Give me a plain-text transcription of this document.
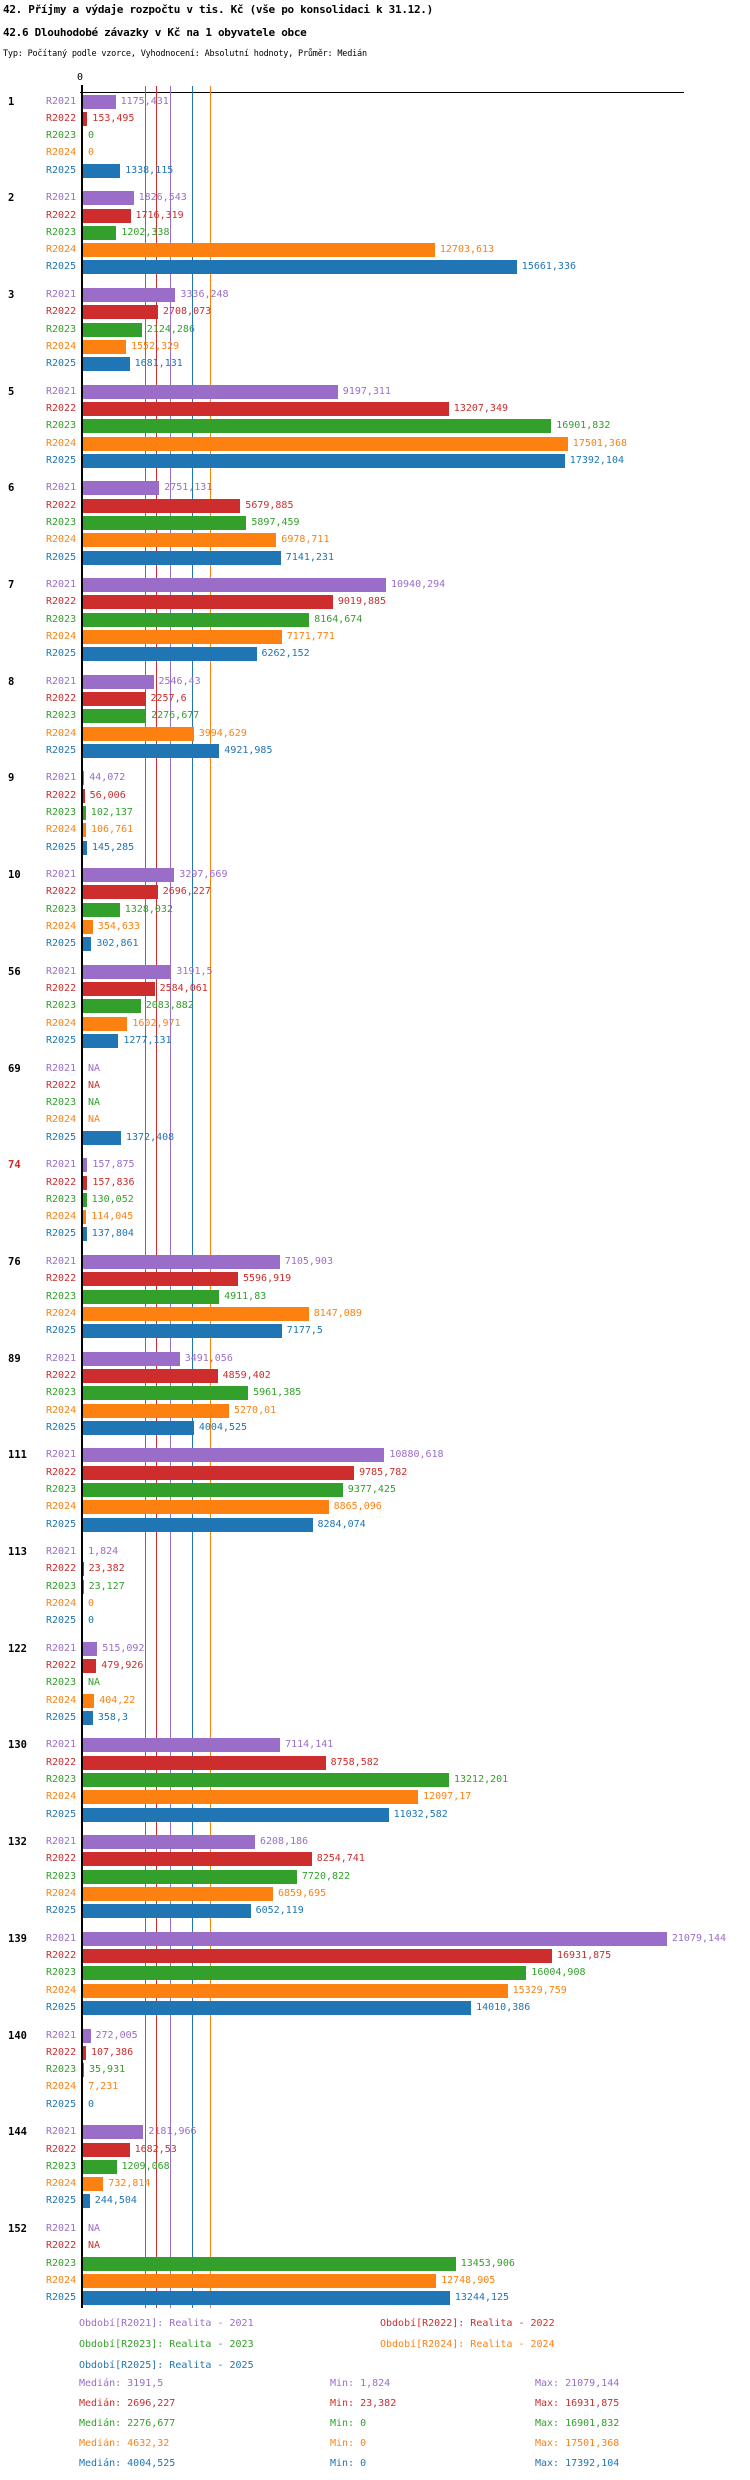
42. Příjmy a výdaje rozpočtu v tis. Kč (vše po konsolidaci k 31.12.)
42.6 Dlouhodobé závazky v Kč na 1 obyvatele obce
Typ: Počítaný podle vzorce, Vyhodnocení: Absolutní hodnoty, Průměr: Medián
0
1	R2021	1175,431
R2022 153,495
R2023 0
R2024 0
R2025	1338,115
2	R2021	1826,543
R2022	1716,319
R2023	1202,338
R2024	12703,613
R2025	15661,336
3	R2021	3336,248
R2022	2708,073
R2023	2124,286
R2024	1552,329
R2025	1681,131
5	R2021	9197,311
R2022	13207,349
R2023	16901,832
R2024	17501,368
R2025	17392,104
6	R2021	2751,131
R2022	5679,885
R2023	5897,459
R2024	6978,711
R2025	7141,231
7	R2021	10940,294
R2022	9019,885
R2023	8164,674
R2024	7171,771
R2025	6262,152
8	R2021	2546,43
R2022	2257,6
R2023	2276,677
R2024	3994,629
R2025	4921,985
9	R2021 44,072
R2022 56,006
R2023 102,137
R2024 106,761
R2025 145,285
10	R2021	3297,669
R2022	2696,227
R2023	1328,032
R2024 354,633
R2025 302,861
56	R2021	3191,5
R2022	2584,061
R2023	2083,882
R2024	1602,971
R2025	1277,131
69	R2021 NA
R2022 NA
R2023 NA
R2024 NA
R2025	1372,408
74	R2021 157,875
R2022 157,836
R2023 130,052
R2024 114,045
R2025 137,804
76	R2021	7105,903
R2022	5596,919
R2023	4911,83
R2024	8147,089
R2025	7177,5
89	R2021	3491,056
R2022	4859,402
R2023	5961,385
R2024	5270,01
R2025	4004,525
111 R2021	10880,618
R2022	9785,782
R2023	9377,425
R2024	8865,096
R2025	8284,074
113 R2021 1,824
R2022 23,382
R2023 23,127
R2024 0
R2025 0
122 R2021	515,092
R2022	479,926
R2023 NA
R2024 404,22
R2025 358,3
130 R2021	7114,141
R2022	8758,582
R2023	13212,201
R2024	12097,17
R2025	11032,582
132 R2021	6208,186
R2022	8254,741
R2023	7720,822
R2024	6859,695
R2025	6052,119
139 R2021	21079,144
R2022	16931,875
R2023	16004,908
R2024	15329,759
R2025	14010,386
140 R2021 272,005
R2022 107,386
R2023 35,931
R2024 7,231
R2025 0
144 R2021	2181,966
R2022	1682,53
R2023	1209,068
R2024	732,814
R2025 244,504
152 R2021 NA
R2022 NA
R2023	13453,906
R2024	12748,905
R2025	13244,125
Období[R2021]: Realita - 2021	Období[R2022]: Realita - 2022
Období[R2023]: Realita - 2023	Období[R2024]: Realita - 2024
Období[R2025]: Realita - 2025
Medián: 3191,5	Min: 1,824	Max: 21079,144
Medián: 2696,227	Min: 23,382	Max: 16931,875
Medián: 2276,677	Min: 0	Max: 16901,832
Medián: 4632,32	Min: 0	Max: 17501,368
Medián: 4004,525	Min: 0	Max: 17392,104
